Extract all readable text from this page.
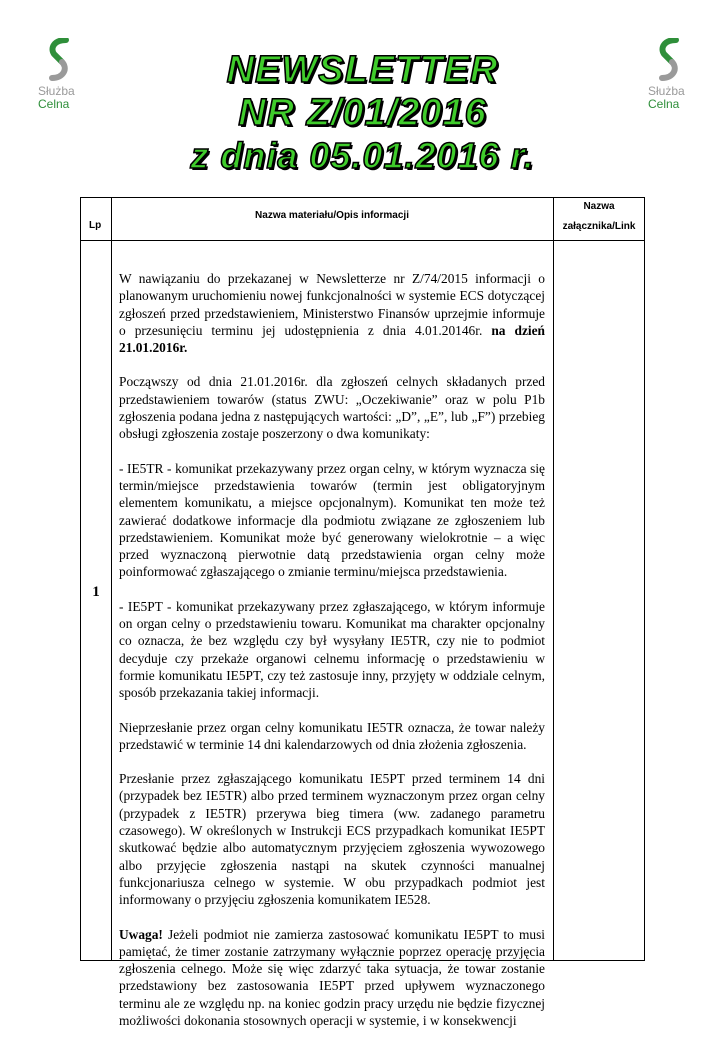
Służba
Celna
Służba
Celna
NEWSLETTER
NR Z/01/2016
z dnia 05.01.2016 r.
Lp
Nazwa materiału/Opis informacji
Nazwa
załącznika/Link
1

W nawiązaniu do przekazanej w Newsletterze nr Z/74/2015 informacji o planowanym uruchomieniu nowej funkcjonalności w systemie ECS dotyczącej zgłoszeń przed przedstawieniem, Ministerstwo Finansów uprzejmie informuje o przesunięciu terminu jej udostępnienia z dnia 4.01.20146r. na dzień 21.01.2016r.

Począwszy od dnia 21.01.2016r. dla zgłoszeń celnych składanych przed przedstawieniem towarów (status ZWU: „Oczekiwanie” oraz w polu P1b zgłoszenia podana jedna z następujących wartości: „D”, „E”, lub „F”) przebieg obsługi zgłoszenia zostaje poszerzony o dwa komunikaty:

- IE5TR - komunikat przekazywany przez organ celny, w którym wyznacza się termin/miejsce przedstawienia towarów (termin jest obligatoryjnym elementem komunikatu, a miejsce opcjonalnym). Komunikat ten może też zawierać dodatkowe informacje dla podmiotu związane ze zgłoszeniem lub przedstawieniem. Komunikat może być generowany wielokrotnie – a więc przed wyznaczoną pierwotnie datą przedstawienia organ celny może poinformować zgłaszającego o zmianie terminu/miejsca przedstawienia.

- IE5PT - komunikat przekazywany przez zgłaszającego, w którym informuje on organ celny o przedstawieniu towaru. Komunikat ma charakter opcjonalny co oznacza, że bez względu czy był wysyłany IE5TR, czy nie to podmiot decyduje czy przekaże organowi celnemu informację o przedstawieniu w formie komunikatu IE5PT, czy też zastosuje inny, przyjęty w oddziale celnym, sposób przekazania takiej informacji.

Nieprzesłanie przez organ celny komunikatu IE5TR oznacza, że towar należy przedstawić w terminie 14 dni kalendarzowych od dnia złożenia zgłoszenia.

Przesłanie przez zgłaszającego komunikatu IE5PT przed terminem 14 dni (przypadek bez IE5TR) albo przed terminem wyznaczonym przez organ celny (przypadek z IE5TR) przerywa bieg timera (ww. zadanego parametru czasowego). W określonych w Instrukcji ECS przypadkach komunikat IE5PT skutkować będzie albo automatycznym przyjęciem zgłoszenia wywozowego albo przyjęcie zgłoszenia nastąpi na skutek czynności manualnej funkcjonariusza celnego w systemie. W obu przypadkach podmiot jest informowany o przyjęciu zgłoszenia komunikatem IE528.

Uwaga! Jeżeli podmiot nie zamierza zastosować komunikatu IE5PT to musi pamiętać, że timer zostanie zatrzymany wyłącznie poprzez operację przyjęcia zgłoszenia celnego. Może się więc zdarzyć taka sytuacja, że towar zostanie przedstawiony bez zastosowania IE5PT przed upływem wyznaczonego terminu ale ze względu np. na koniec godzin pracy urzędu nie będzie fizycznej możliwości dokonania stosownych operacji w systemie, i w konsekwencji
